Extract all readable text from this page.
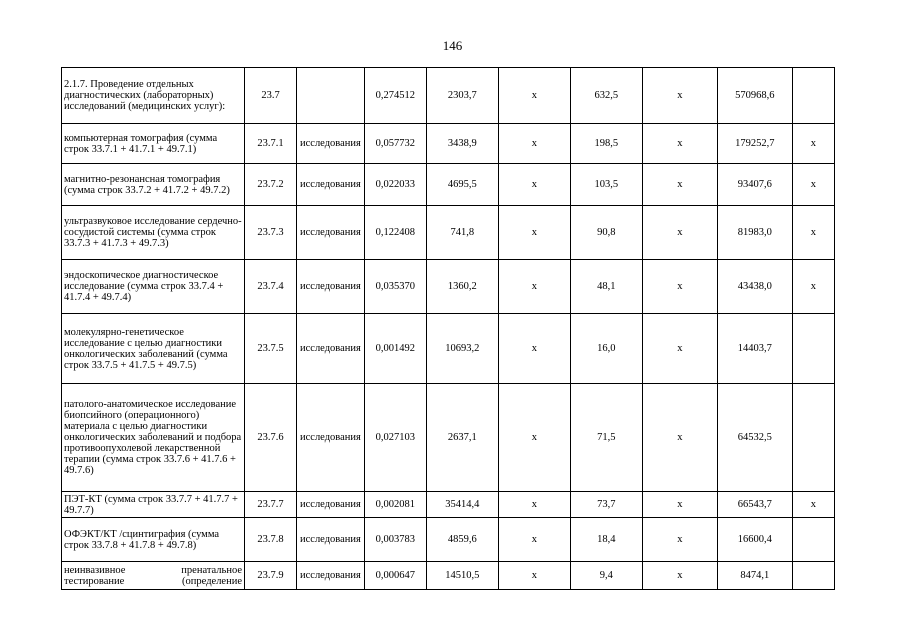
146
2.1.7. Проведение отдельных диагностических (лабораторных) исследований (медицинских услуг):	23.7		0,274512	2303,7	х	632,5	х	570968,6	
компьютерная томография (сумма строк 33.7.1 + 41.7.1 + 49.7.1)	23.7.1	исследования	0,057732	3438,9	х	198,5	х	179252,7	х
магнитно-резонансная томография (сумма строк 33.7.2 + 41.7.2 + 49.7.2)	23.7.2	исследования	0,022033	4695,5	х	103,5	х	93407,6	х
ультразвуковое исследование сердечно-сосудистой системы (сумма строк 33.7.3 + 41.7.3 + 49.7.3)	23.7.3	исследования	0,122408	741,8	х	90,8	х	81983,0	х
эндоскопическое диагностическое исследование (сумма строк 33.7.4 + 41.7.4 + 49.7.4)	23.7.4	исследования	0,035370	1360,2	х	48,1	х	43438,0	х
молекулярно-генетическое исследование с целью диагностики онкологических заболеваний (сумма строк 33.7.5 + 41.7.5 + 49.7.5)	23.7.5	исследования	0,001492	10693,2	х	16,0	х	14403,7	
патолого-анатомическое исследование биопсийного (операционного) материала с целью диагностики онкологических заболеваний и подбора противоопухолевой лекарственной терапии (сумма строк 33.7.6 + 41.7.6 + 49.7.6)	23.7.6	исследования	0,027103	2637,1	х	71,5	х	64532,5	
ПЭТ-КТ (сумма строк 33.7.7 + 41.7.7 + 49.7.7)	23.7.7	исследования	0,002081	35414,4	х	73,7	х	66543,7	х
ОФЭКТ/КТ /сцинтиграфия (сумма строк 33.7.8 + 41.7.8 + 49.7.8)	23.7.8	исследования	0,003783	4859,6	х	18,4	х	16600,4	
неинвазивное пренатальное тестирование (определение	23.7.9	исследования	0,000647	14510,5	х	9,4	х	8474,1	
